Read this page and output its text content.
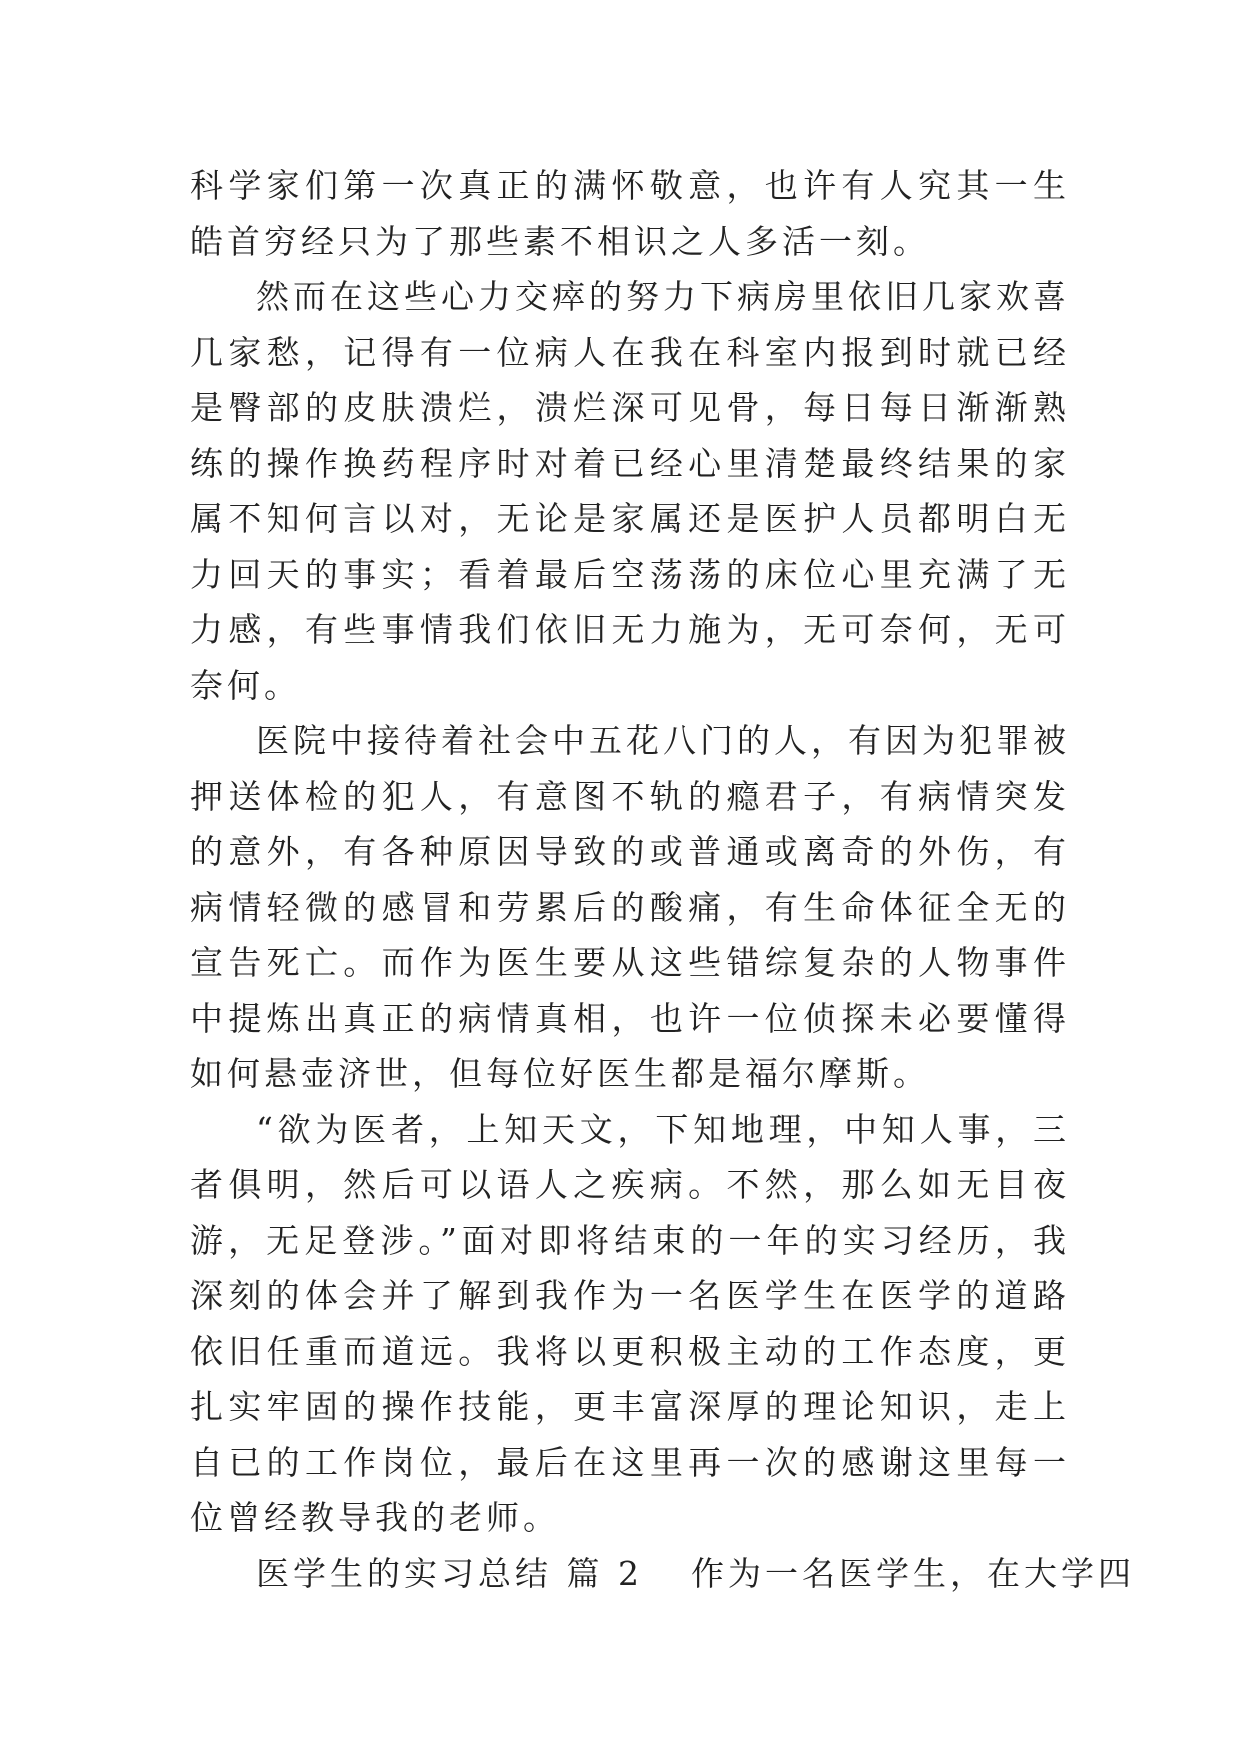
科学家们第一次真正的满怀敬意，也许有人究其一生皓首穷经只为了那些素不相识之人多活一刻。

然而在这些心力交瘁的努力下病房里依旧几家欢喜几家愁，记得有一位病人在我在科室内报到时就已经是臀部的皮肤溃烂，溃烂深可见骨，每日每日渐渐熟练的操作换药程序时对着已经心里清楚最终结果的家属不知何言以对，无论是家属还是医护人员都明白无力回天的事实；看着最后空荡荡的床位心里充满了无力感，有些事情我们依旧无力施为，无可奈何，无可奈何。

医院中接待着社会中五花八门的人，有因为犯罪被押送体检的犯人，有意图不轨的瘾君子，有病情突发的意外，有各种原因导致的或普通或离奇的外伤，有病情轻微的感冒和劳累后的酸痛，有生命体征全无的宣告死亡。而作为医生要从这些错综复杂的人物事件中提炼出真正的病情真相，也许一位侦探未必要懂得如何悬壶济世，但每位好医生都是福尔摩斯。

“欲为医者，上知天文，下知地理，中知人事，三者俱明，然后可以语人之疾病。不然，那么如无目夜游，无足登涉。”面对即将结束的一年的实习经历，我深刻的体会并了解到我作为一名医学生在医学的道路依旧任重而道远。我将以更积极主动的工作态度，更扎实牢固的操作技能，更丰富深厚的理论知识，走上自已的工作岗位，最后在这里再一次的感谢这里每一位曾经教导我的老师。

医学生的实习总结 篇 2 作为一名医学生，在大学四
